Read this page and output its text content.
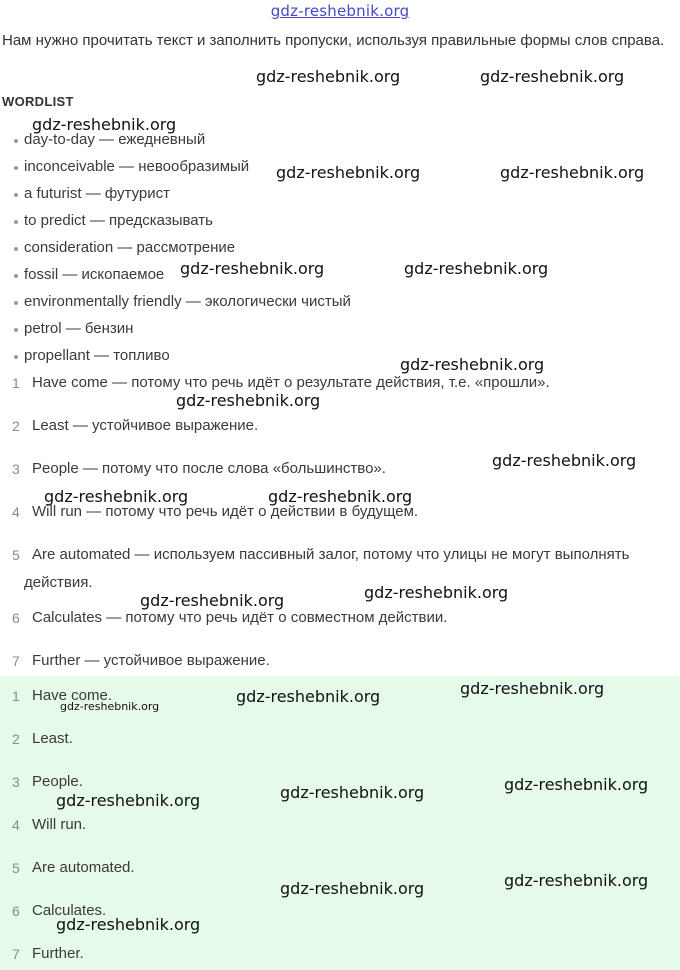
gdz-reshebnik.org
Нам нужно прочитать текст и заполнить пропуски, используя правильные формы слов справа.
WORDLIST
day-to-day — ежедневный
inconceivable — невообразимый
a futurist — футурист
to predict — предсказывать
consideration — рассмотрение
fossil — ископаемое
environmentally friendly — экологически чистый
petrol — бензин
propellant — топливо
1 Have come — потому что речь идёт о результате действия, т.е. «прошли».
2 Least — устойчивое выражение.
3 People — потому что после слова «большинство».
4 Will run — потому что речь идёт о действии в будущем.
5 Are automated — используем пассивный залог, потому что улицы не могут выполнять действия.
6 Calculates — потому что речь идёт о совместном действии.
7 Further — устойчивое выражение.
1 Have come.
2 Least.
3 People.
4 Will run.
5 Are automated.
6 Calculates.
7 Further.
gdz-reshebnik.org	gdz-reshebnik.org
gdz-reshebnik.org
gdz-reshebnik.org	gdz-reshebnik.org
gdz-reshebnik.org	gdz-reshebnik.org
gdz-reshebnik.org
gdz-reshebnik.org
gdz-reshebnik.org
gdz-reshebnik.org	gdz-reshebnik.org
gdz-reshebnik.org
gdz-reshebnik.org
gdz-reshebnik.org
gdz-reshebnik.org
gdz-reshebnik.org
gdz-reshebnik.org
gdz-reshebnik.org
gdz-reshebnik.org
gdz-reshebnik.org
gdz-reshebnik.org
gdz-reshebnik.org
